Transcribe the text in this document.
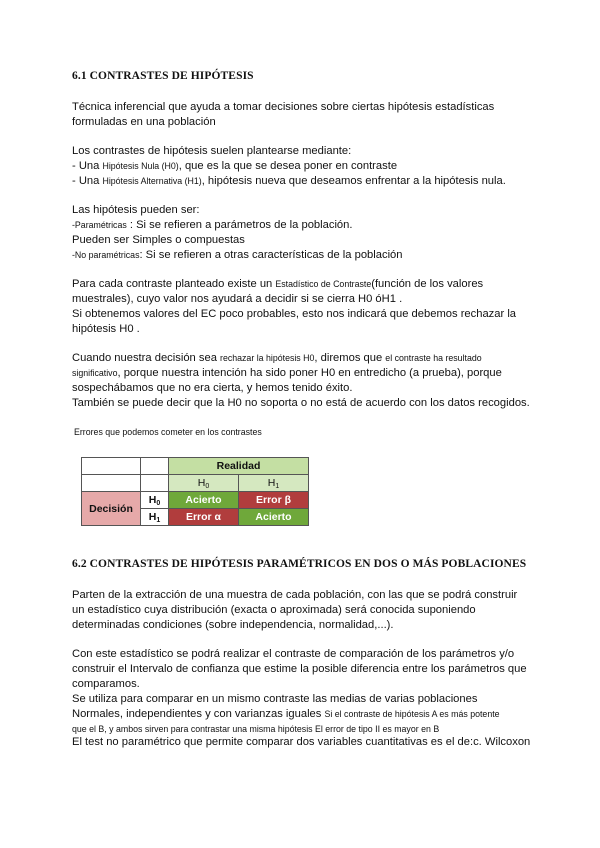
6.1 CONTRASTES DE HIPÓTESIS
Técnica inferencial que ayuda a tomar decisiones sobre ciertas hipótesis estadísticas
formuladas en una población
Los contrastes de hipótesis suelen plantearse mediante:
- Una Hipótesis Nula (H0), que es la que se desea poner en contraste
- Una Hipótesis Alternativa (H1), hipótesis nueva que deseamos enfrentar a la hipótesis nula.
Las hipótesis pueden ser:
-Paramétricas : Si se refieren a parámetros de la población.
Pueden ser Simples o compuestas
-No paramétricas: Si se refieren a otras características de la población
Para cada contraste planteado existe un Estadístico de Contraste(función de los valores
muestrales), cuyo valor nos ayudará a decidir si se cierra H0 óH1 .
Si obtenemos valores del EC poco probables, esto nos indicará que debemos rechazar la
hipótesis H0 .
Cuando nuestra decisión sea rechazar la hipótesis H0, diremos que el contraste ha resultado
significativo, porque nuestra intención ha sido poner H0 en entredicho (a prueba), porque
sospechábamos que no era cierta, y hemos tenido éxito.
También se puede decir que la H0 no soporta o no está de acuerdo con los datos recogidos.
Errores que podemos cometer en los contrastes
		Realidad	
		$H_0$	$H_1$
Decisión	$H_0$	Acierto	Error β
	$H_1$	Error α	Acierto
6.2 CONTRASTES DE HIPÓTESIS PARAMÉTRICOS EN DOS O MÁS POBLACIONES
Parten de la extracción de una muestra de cada población, con las que se podrá construir
un estadístico cuya distribución (exacta o aproximada) será conocida suponiendo
determinadas condiciones (sobre independencia, normalidad,...).
Con este estadístico se podrá realizar el contraste de comparación de los parámetros y/o
construir el Intervalo de confianza que estime la posible diferencia entre los parámetros que
comparamos.
Se utiliza para comparar en un mismo contraste las medias de varias poblaciones
Normales, independientes y con varianzas iguales Si el contraste de hipótesis A es más potente
que el B, y ambos sirven para contrastar una misma hipótesis El error de tipo II es mayor en B
El test no paramétrico que permite comparar dos variables cuantitativas es el de:c. Wilcoxon
